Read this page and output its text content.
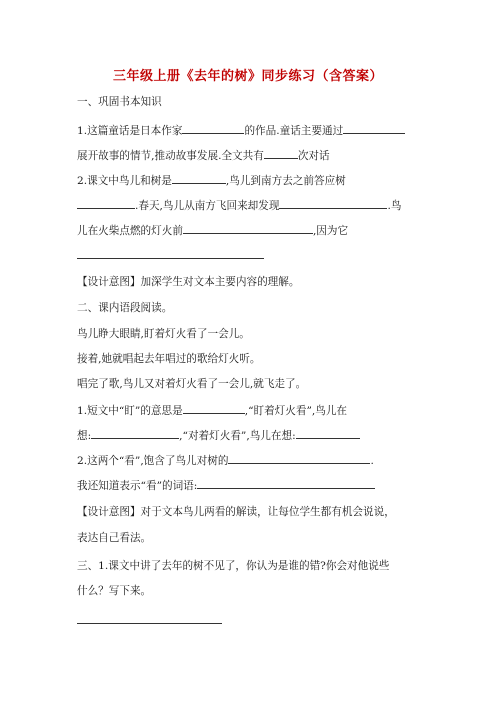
三年级上册《去年的树》同步练习（含答案）
一、巩固书本知识
1.这篇童话是日本作家	的作品.童话主要通过
展开故事的情节,推动故事发展.全文共有	次对话
2.课文中鸟儿和树是	,鸟儿到南方去之前答应树
.春天,鸟儿从南方飞回来却发现	.鸟
儿在火柴点燃的灯火前	,因为它
【设计意图】加深学生对文本主要内容的理解。
二、课内语段阅读。
鸟儿睁大眼睛,盯着灯火看了一会儿。
接着,她就唱起去年唱过的歌给灯火听。
唱完了歌,鸟儿又对着灯火看了一会儿,就飞走了。
1.短文中“盯”的意思是	,“盯着灯火看”,鸟儿在
想:	,“对着灯火看”,鸟儿在想:
2.这两个“看”,饱含了鸟儿对树的	.
我还知道表示“看”的词语:
【设计意图】对于文本鸟儿两看的解读，让每位学生都有机会说说，
表达自己看法。
三、1.课文中讲了去年的树不见了，你认为是谁的错?你会对他说些
什么？写下来。
